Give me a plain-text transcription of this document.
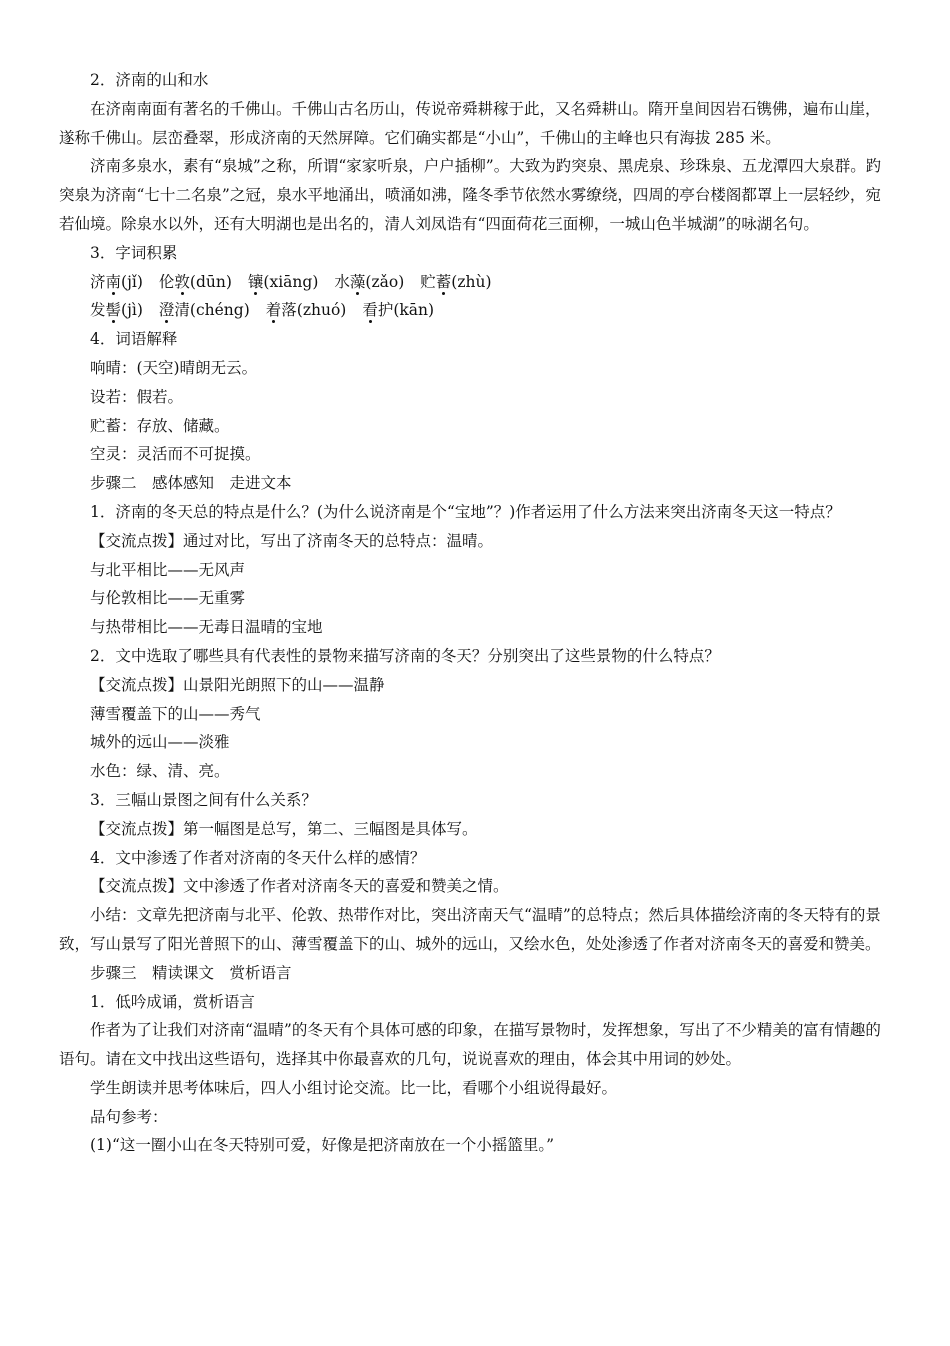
2．济南的山和水

　　在济南南面有著名的千佛山。千佛山古名历山，传说帝舜耕稼于此，又名舜耕山。隋开皇间因岩石镌佛，遍布山崖，遂称千佛山。层峦叠翠，形成济南的天然屏障。它们确实都是“小山”，千佛山的主峰也只有海拔 285 米。

　　济南多泉水，素有“泉城”之称，所谓“家家听泉，户户插柳”。大致为趵突泉、黑虎泉、珍珠泉、五龙潭四大泉群。趵突泉为济南“七十二名泉”之冠，泉水平地涌出，喷涌如沸，隆冬季节依然水雾缭绕，四周的亭台楼阁都罩上一层轻纱，宛若仙境。除泉水以外，还有大明湖也是出名的，清人刘凤诰有“四面荷花三面柳，一城山色半城湖”的咏湖名句。

3．字词积累

济南(jǐ) 伦敦(dūn) 镶(xiāng) 水藻(zǎo) 贮蓄(zhù)

发髻(jì) 澄清(chéng) 着落(zhuó) 看护(kān)

4．词语解释

响晴：(天空)晴朗无云。

设若：假若。

贮蓄：存放、储藏。

空灵：灵活而不可捉摸。

步骤二　感体感知　走进文本

1．济南的冬天总的特点是什么？(为什么说济南是个“宝地”？)作者运用了什么方法来突出济南冬天这一特点？

【交流点拨】通过对比，写出了济南冬天的总特点：温晴。

与北平相比——无风声

与伦敦相比——无重雾

与热带相比——无毒日温晴的宝地

2．文中选取了哪些具有代表性的景物来描写济南的冬天？分别突出了这些景物的什么特点？

【交流点拨】山景阳光朗照下的山——温静

薄雪覆盖下的山——秀气

城外的远山——淡雅

水色：绿、清、亮。

3．三幅山景图之间有什么关系？

【交流点拨】第一幅图是总写，第二、三幅图是具体写。

4．文中渗透了作者对济南的冬天什么样的感情？

【交流点拨】文中渗透了作者对济南冬天的喜爱和赞美之情。

　　小结：文章先把济南与北平、伦敦、热带作对比，突出济南天气“温晴”的总特点；然后具体描绘济南的冬天特有的景致，写山景写了阳光普照下的山、薄雪覆盖下的山、城外的远山，又绘水色，处处渗透了作者对济南冬天的喜爱和赞美。

步骤三　精读课文　赏析语言

1．低吟成诵，赏析语言

　　作者为了让我们对济南“温晴”的冬天有个具体可感的印象，在描写景物时，发挥想象，写出了不少精美的富有情趣的语句。请在文中找出这些语句，选择其中你最喜欢的几句，说说喜欢的理由，体会其中用词的妙处。

　　学生朗读并思考体味后，四人小组讨论交流。比一比，看哪个小组说得最好。

品句参考：

(1)“这一圈小山在冬天特别可爱，好像是把济南放在一个小摇篮里。”
